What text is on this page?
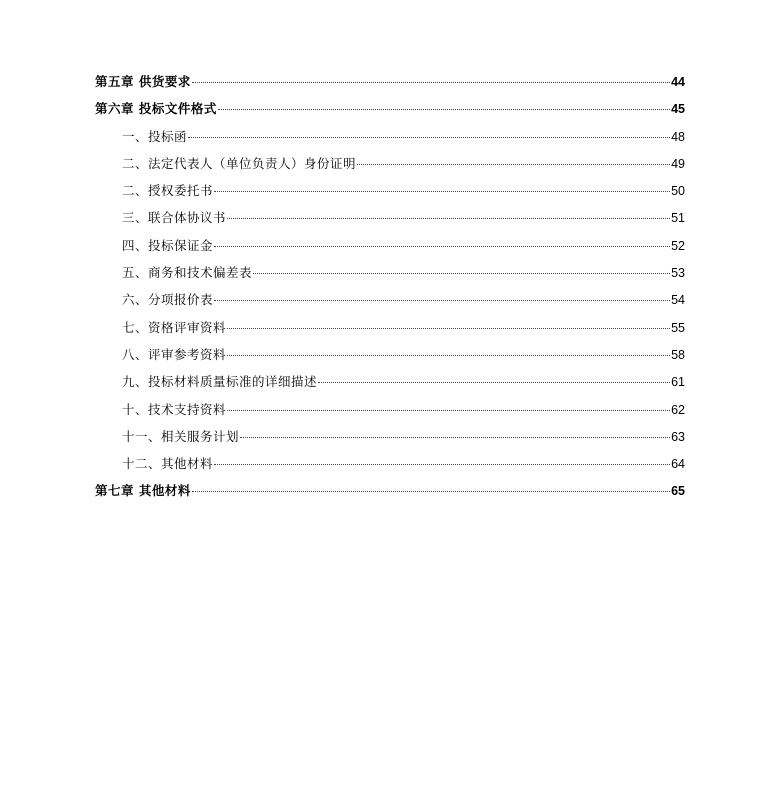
第五章 供货要求	44
第六章 投标文件格式	45
一、投标函	48
二、法定代表人（单位负责人）身份证明	49
二、授权委托书	50
三、联合体协议书	51
四、投标保证金	52
五、商务和技术偏差表	53
六、分项报价表	54
七、资格评审资料	55
八、评审参考资料	58
九、投标材料质量标准的详细描述	61
十、技术支持资料	62
十一、相关服务计划	63
十二、其他材料	64
第七章 其他材料	65
